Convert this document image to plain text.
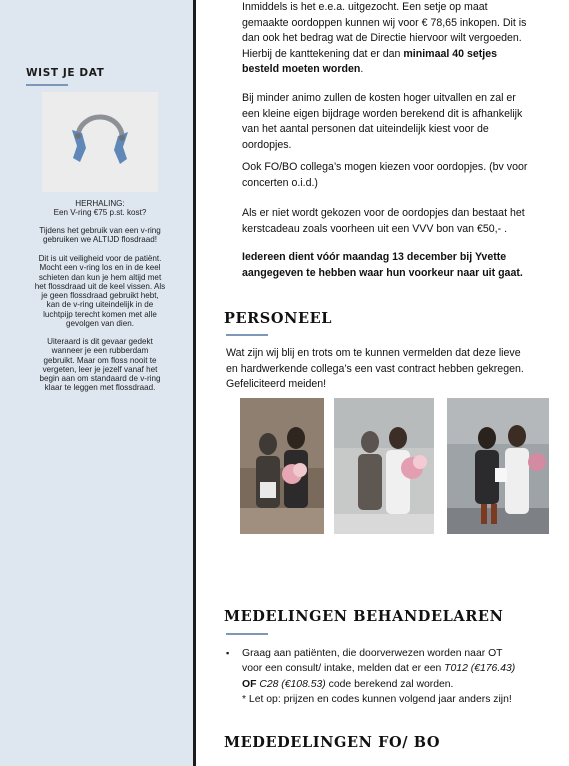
WIST JE DAT
HERHALING:
Een V-ring €75 p.st. kost?
Tijdens het gebruik van een v-ring
gebruiken we ALTIJD flosdraad!
Dit is uit veiligheid voor de patiënt.
Mocht een v-ring los en in de keel
schieten dan kun je hem altijd met
het flossdraad uit de keel vissen. Als
je geen flossdraad gebruikt hebt,
kan de v-ring uiteindelijk in de
luchtpijp terecht komen met alle
gevolgen van dien.
Uiteraard is dit gevaar gedekt
wanneer je een rubberdam
gebruikt. Maar om floss nooit te
vergeten, leer je jezelf vanaf het
begin aan om standaard de v-ring
klaar te leggen met flossdraad.

Inmiddels is het e.e.a. uitgezocht. Een setje op maat
gemaakte oordoppen kunnen wij voor € 78,65 inkopen. Dit is
dan ook het bedrag wat de Directie hiervoor wilt vergoeden.
Hierbij de kanttekening dat er dan minimaal 40 setjes
besteld moeten worden.

Bij minder animo zullen de kosten hoger uitvallen en zal er
een kleine eigen bijdrage worden berekend dit is afhankelijk
van het aantal personen dat uiteindelijk kiest voor de
oordopjes.

Ook FO/BO collega’s mogen kiezen voor oordopjes. (bv voor
concerten o.i.d.)

Als er niet wordt gekozen voor de oordopjes dan bestaat het
kerstcadeau zoals voorheen uit een VVV bon van €50,- .

Iedereen dient vóór maandag 13 december bij Yvette
aangegeven te hebben waar hun voorkeur naar uit gaat.

PERSONEEL

Wat zijn wij blij en trots om te kunnen vermelden dat deze lieve
en hardwerkende collega’s een vast contract hebben gekregen.
Gefeliciteerd meiden!

MEDELINGEN BEHANDELAREN
▪ Graag aan patiënten, die doorverwezen worden naar OT
voor een consult/ intake, melden dat er een T012 (€176.43)
OF C28 (€108.53) code berekend zal worden.
* Let op: prijzen en codes kunnen volgend jaar anders zijn!
MEDEDELINGEN FO/ BO
